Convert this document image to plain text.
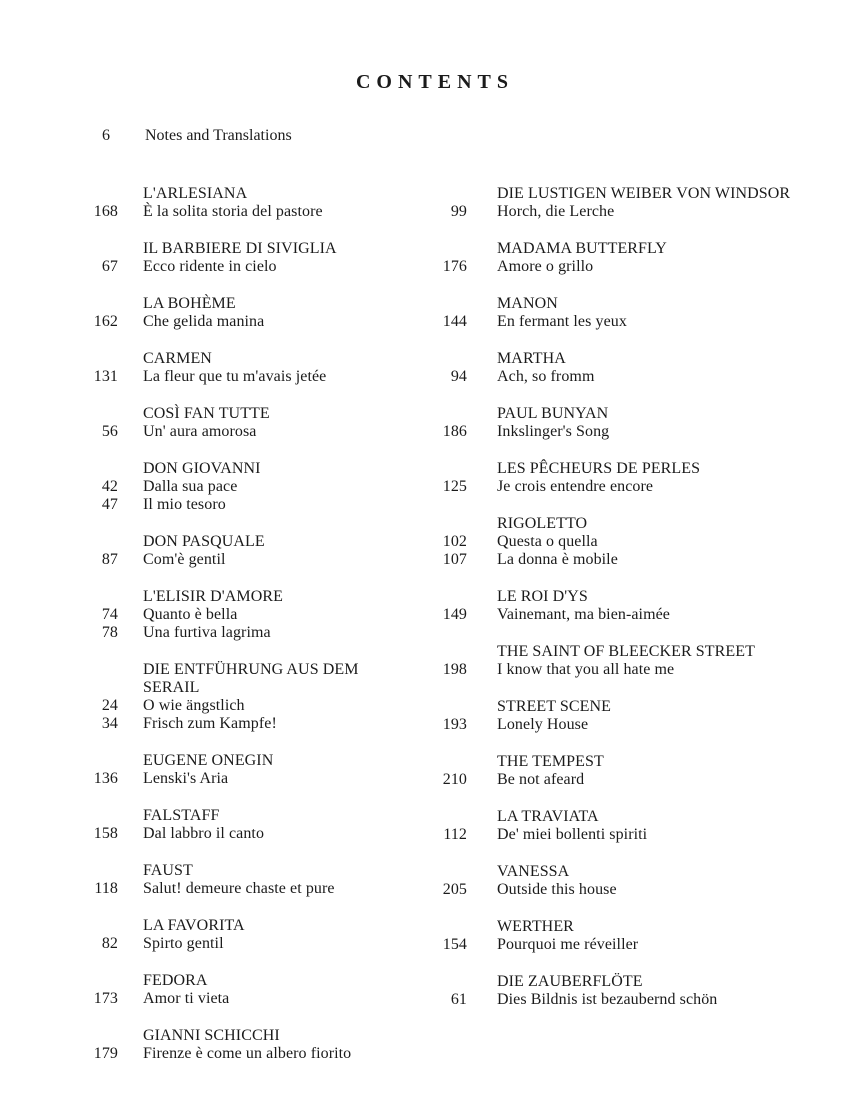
CONTENTS
6 Notes and Translations
L'ARLESIANA
168 È la solita storia del pastore
IL BARBIERE DI SIVIGLIA
67 Ecco ridente in cielo
LA BOHÈME
162 Che gelida manina
CARMEN
131 La fleur que tu m'avais jetée
COSÌ FAN TUTTE
56 Un' aura amorosa
DON GIOVANNI
42 Dalla sua pace
47 Il mio tesoro
DON PASQUALE
87 Com'è gentil
L'ELISIR D'AMORE
74 Quanto è bella
78 Una furtiva lagrima
DIE ENTFÜHRUNG AUS DEM SERAIL
24 O wie ängstlich
34 Frisch zum Kampfe!
EUGENE ONEGIN
136 Lenski's Aria
FALSTAFF
158 Dal labbro il canto
FAUST
118 Salut! demeure chaste et pure
LA FAVORITA
82 Spirto gentil
FEDORA
173 Amor ti vieta
GIANNI SCHICCHI
179 Firenze è come un albero fiorito
DIE LUSTIGEN WEIBER VON WINDSOR
99 Horch, die Lerche
MADAMA BUTTERFLY
176 Amore o grillo
MANON
144 En fermant les yeux
MARTHA
94 Ach, so fromm
PAUL BUNYAN
186 Inkslinger's Song
LES PÊCHEURS DE PERLES
125 Je crois entendre encore
RIGOLETTO
102 Questa o quella
107 La donna è mobile
LE ROI D'YS
149 Vainemant, ma bien-aimée
THE SAINT OF BLEECKER STREET
198 I know that you all hate me
STREET SCENE
193 Lonely House
THE TEMPEST
210 Be not afeard
LA TRAVIATA
112 De' miei bollenti spiriti
VANESSA
205 Outside this house
WERTHER
154 Pourquoi me réveiller
DIE ZAUBERFLÖTE
61 Dies Bildnis ist bezaubernd schön
